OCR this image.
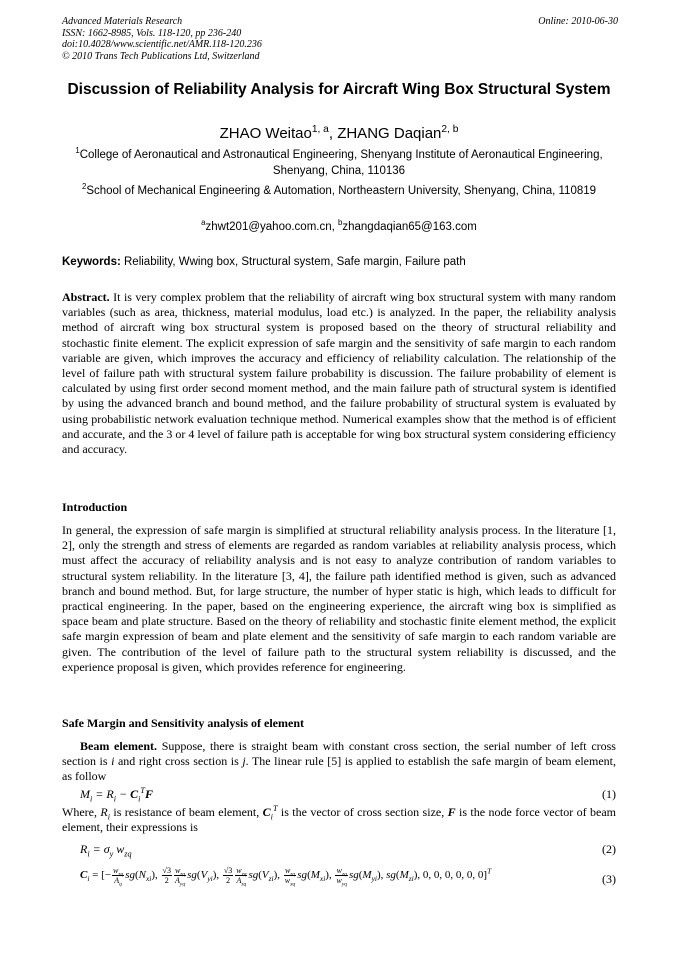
Advanced Materials Research
ISSN: 1662-8985, Vols. 118-120, pp 236-240
doi:10.4028/www.scientific.net/AMR.118-120.236
© 2010 Trans Tech Publications Ltd, Switzerland
Online: 2010-06-30
Discussion of Reliability Analysis for Aircraft Wing Box Structural System
ZHAO Weitao$^{1, a}$, ZHANG Daqian$^{2, b}$
$^1$College of Aeronautical and Astronautical Engineering, Shenyang Institute of Aeronautical Engineering, Shenyang, China, 110136
$^2$School of Mechanical Engineering & Automation, Northeastern University, Shenyang, China, 110819
$^a$zhwt201@yahoo.com.cn, $^b$zhangdaqian65@163.com
Keywords: Reliability, Wwing box, Structural system, Safe margin, Failure path
Abstract. It is very complex problem that the reliability of aircraft wing box structural system with many random variables (such as area, thickness, material modulus, load etc.) is analyzed. In the paper, the reliability analysis method of aircraft wing box structural system is proposed based on the theory of structural reliability and stochastic finite element. The explicit expression of safe margin and the sensitivity of safe margin to each random variable are given, which improves the accuracy and efficiency of reliability calculation. The relationship of the level of failure path with structural system failure probability is discussion. The failure probability of element is calculated by using first order second moment method, and the main failure path of structural system is identified by using the advanced branch and bound method, and the failure probability of structural system is evaluated by using probabilistic network evaluation technique method. Numerical examples show that the method is of efficient and accurate, and the 3 or 4 level of failure path is acceptable for wing box structural system considering efficiency and accuracy.
Introduction
In general, the expression of safe margin is simplified at structural reliability analysis process. In the literature [1, 2], only the strength and stress of elements are regarded as random variables at reliability analysis process, which must affect the accuracy of reliability analysis and is not easy to analyze contribution of random variables to structural system reliability. In the literature [3, 4], the failure path identified method is given, such as advanced branch and bound method. But, for large structure, the number of hyper static is high, which leads to difficult for practical engineering. In the paper, based on the engineering experience, the aircraft wing box is simplified as space beam and plate structure. Based on the theory of reliability and stochastic finite element method, the explicit safe margin expression of beam and plate element and the sensitivity of safe margin to each random variable are given. The contribution of the level of failure path to the structural system reliability is discussed, and the experience proposal is given, which provides reference for engineering.
Safe Margin and Sensitivity analysis of element
Beam element. Suppose, there is straight beam with constant cross section, the serial number of left cross section is i and right cross section is j. The linear rule [5] is applied to establish the safe margin of beam element, as follow
$M_i = R_i - C_i^TF$	(1)
Where, $R_i$ is resistance of beam element, $C_i^T$ is the vector of cross section size, F is the node force vector of beam element, their expressions is
$R_i = \sigma_y$ $w_{zq}$	(2)
$C_i$ = [− $\frac{w_{zq}}{A_q} sg(N_{xi})$, $\frac{√3}{2} \frac{w_{zq}}{A_{yq}} sg(V_{yi})$, $\frac{√3}{2} \frac{w_{zq}}{A_{zq}} sg(V_{zi})$, $\frac{w_{zq}}{w_{xq}} sg(M_{xi})$, $\frac{w_{zq}}{w_{yq}} sg(M_{yi})$, $sg(M_{zi})$, 0, 0, 0, 0, 0, 0]$^T$
(3)
